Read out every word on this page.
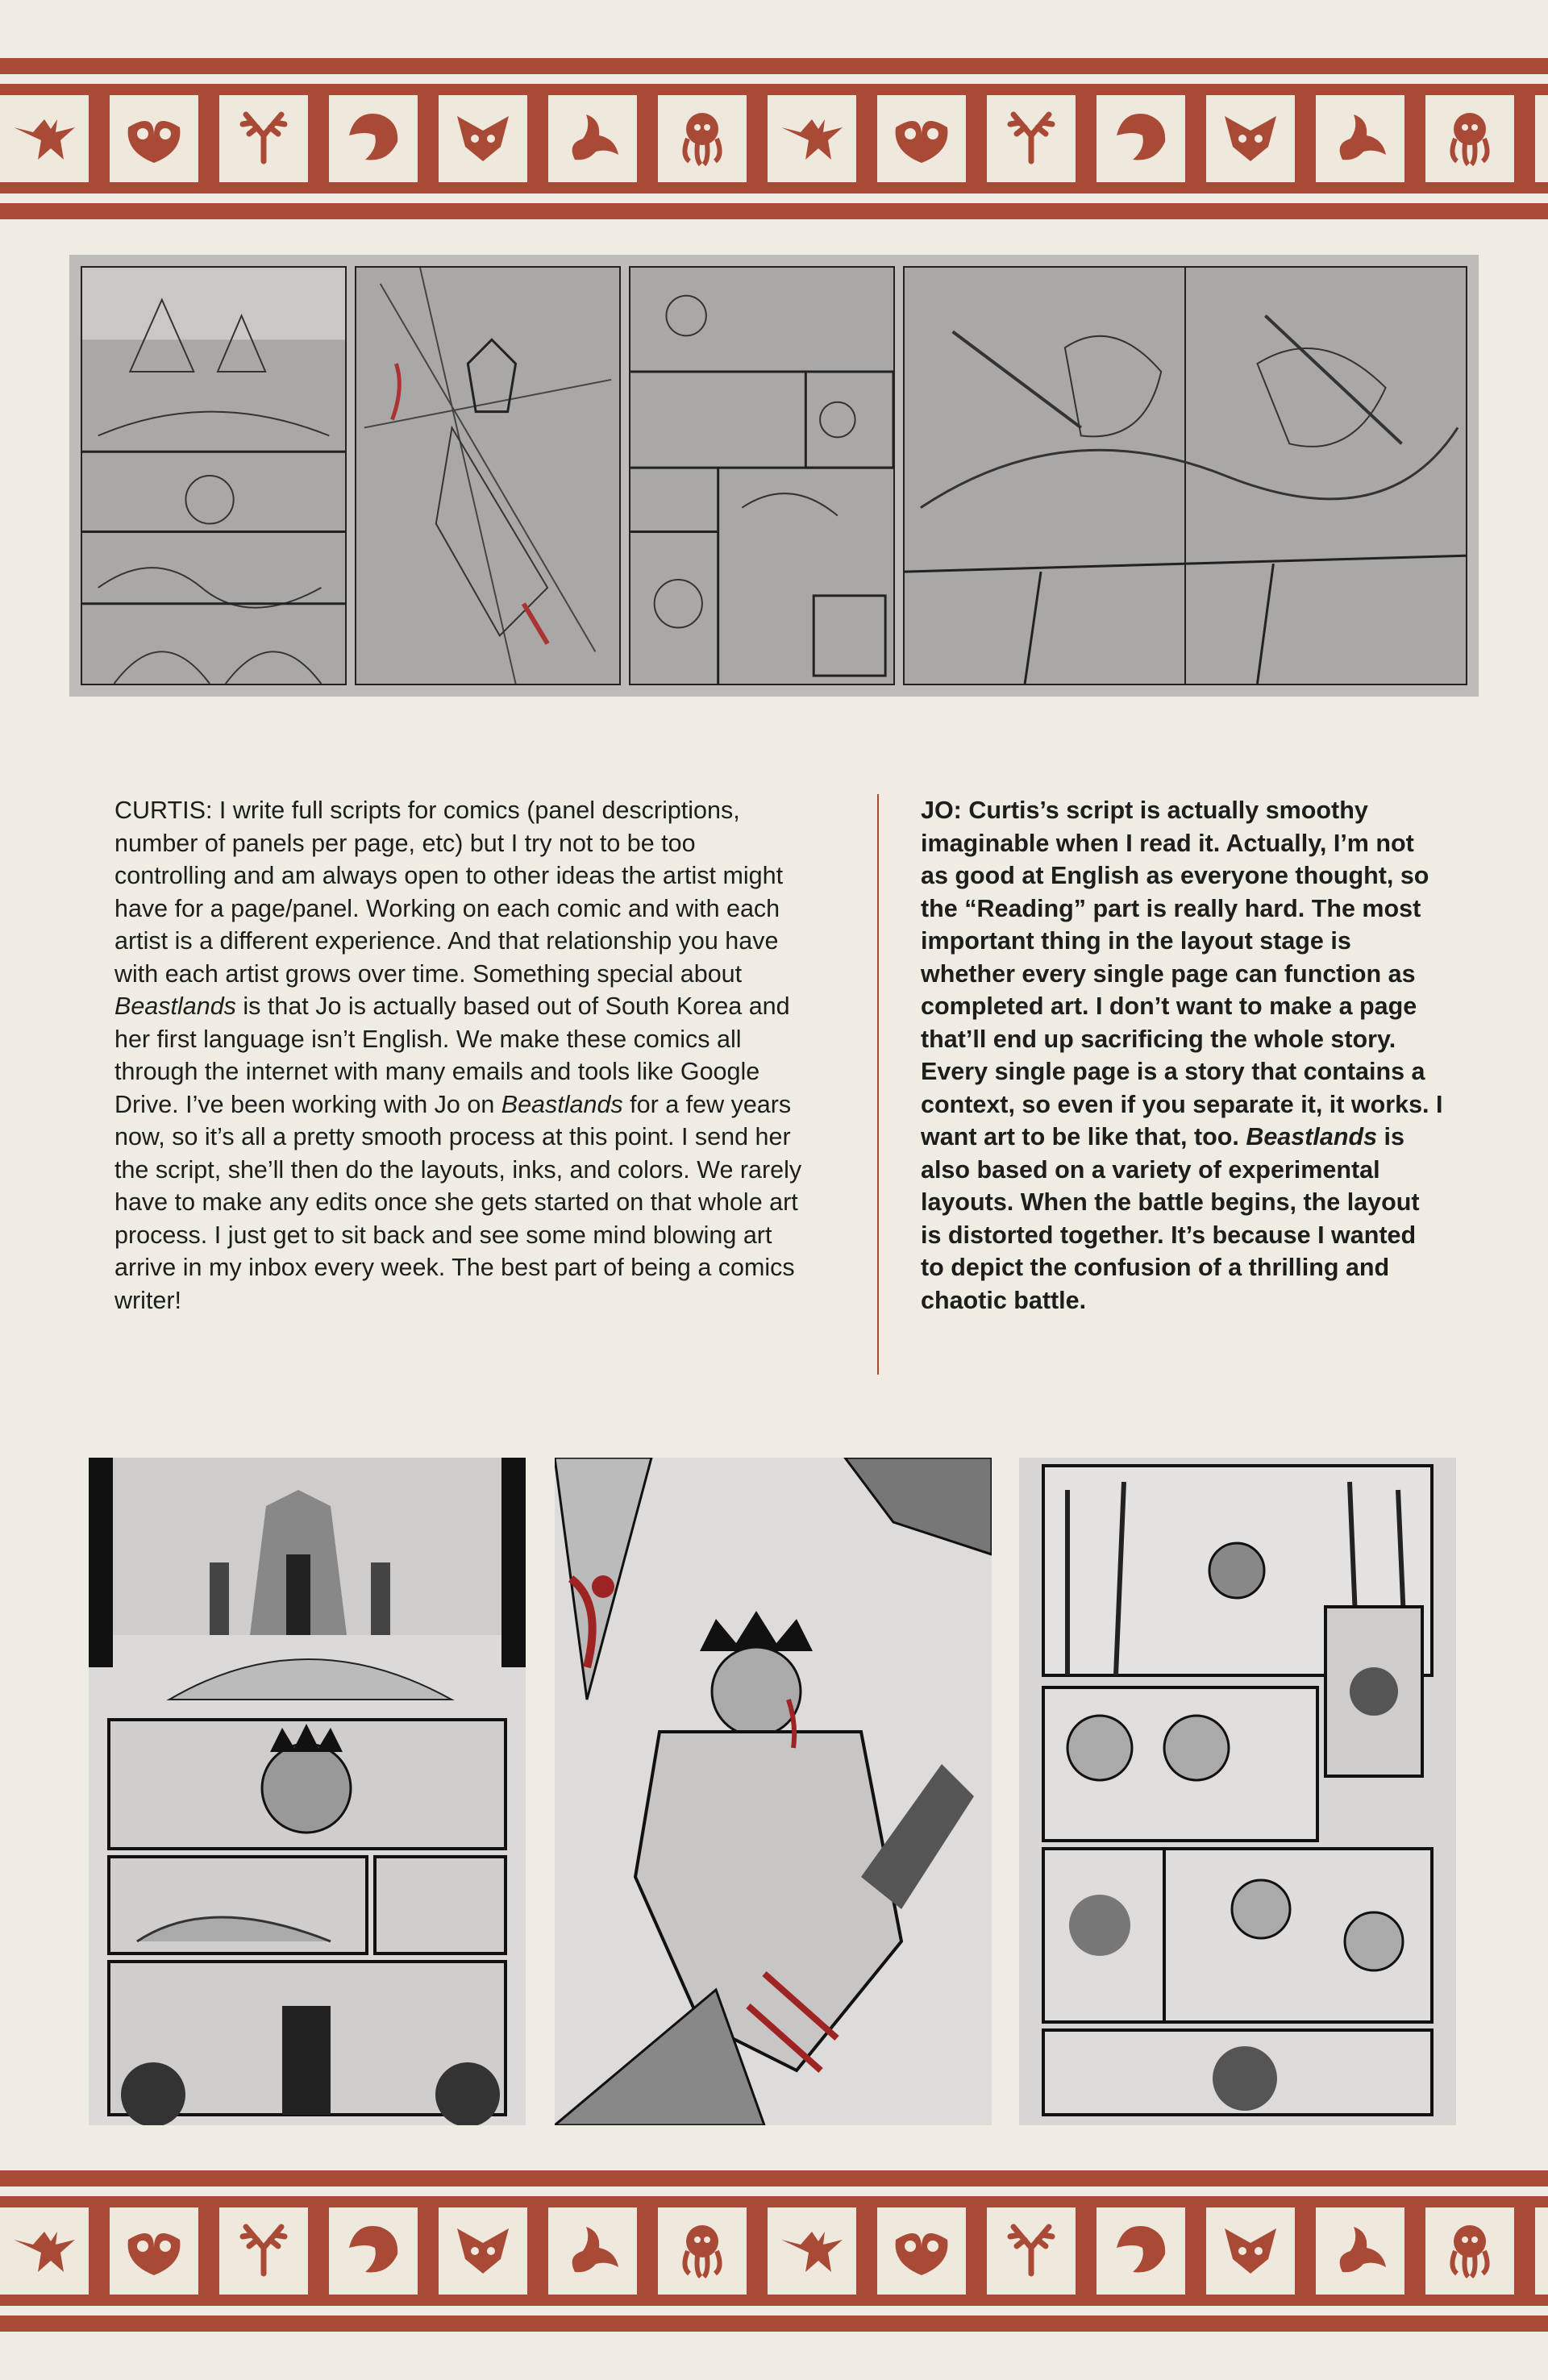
CURTIS: I write full scripts for comics (panel descriptions, number of panels per page, etc) but I try not to be too controlling and am always open to other ideas the artist might have for a page/panel. Working on each comic and with each artist is a different experience. And that relationship you have with each artist grows over time. Something special about Beastlands is that Jo is actually based out of South Korea and her first language isn’t English. We make these comics all through the internet with many emails and tools like Google Drive. I’ve been working with Jo on Beastlands for a few years now, so it’s all a pretty smooth process at this point. I send her the script, she’ll then do the layouts, inks, and colors. We rarely have to make any edits once she gets started on that whole art process. I just get to sit back and see some mind blowing art arrive in my inbox every week. The best part of being a comics writer!

JO: Curtis’s script is actually smoothy imaginable when I read it. Actually, I’m not as good at English as everyone thought, so the “Reading” part is really hard. The most important thing in the layout stage is whether every single page can function as completed art. I don’t want to make a page that’ll end up sacrificing the whole story. Every single page is a story that contains a context, so even if you separate it, it works. I want art to be like that, too. Beastlands is also based on a variety of experimental layouts. When the battle begins, the layout is distorted together. It’s because I wanted to depict the confusion of a thrilling and chaotic battle.
